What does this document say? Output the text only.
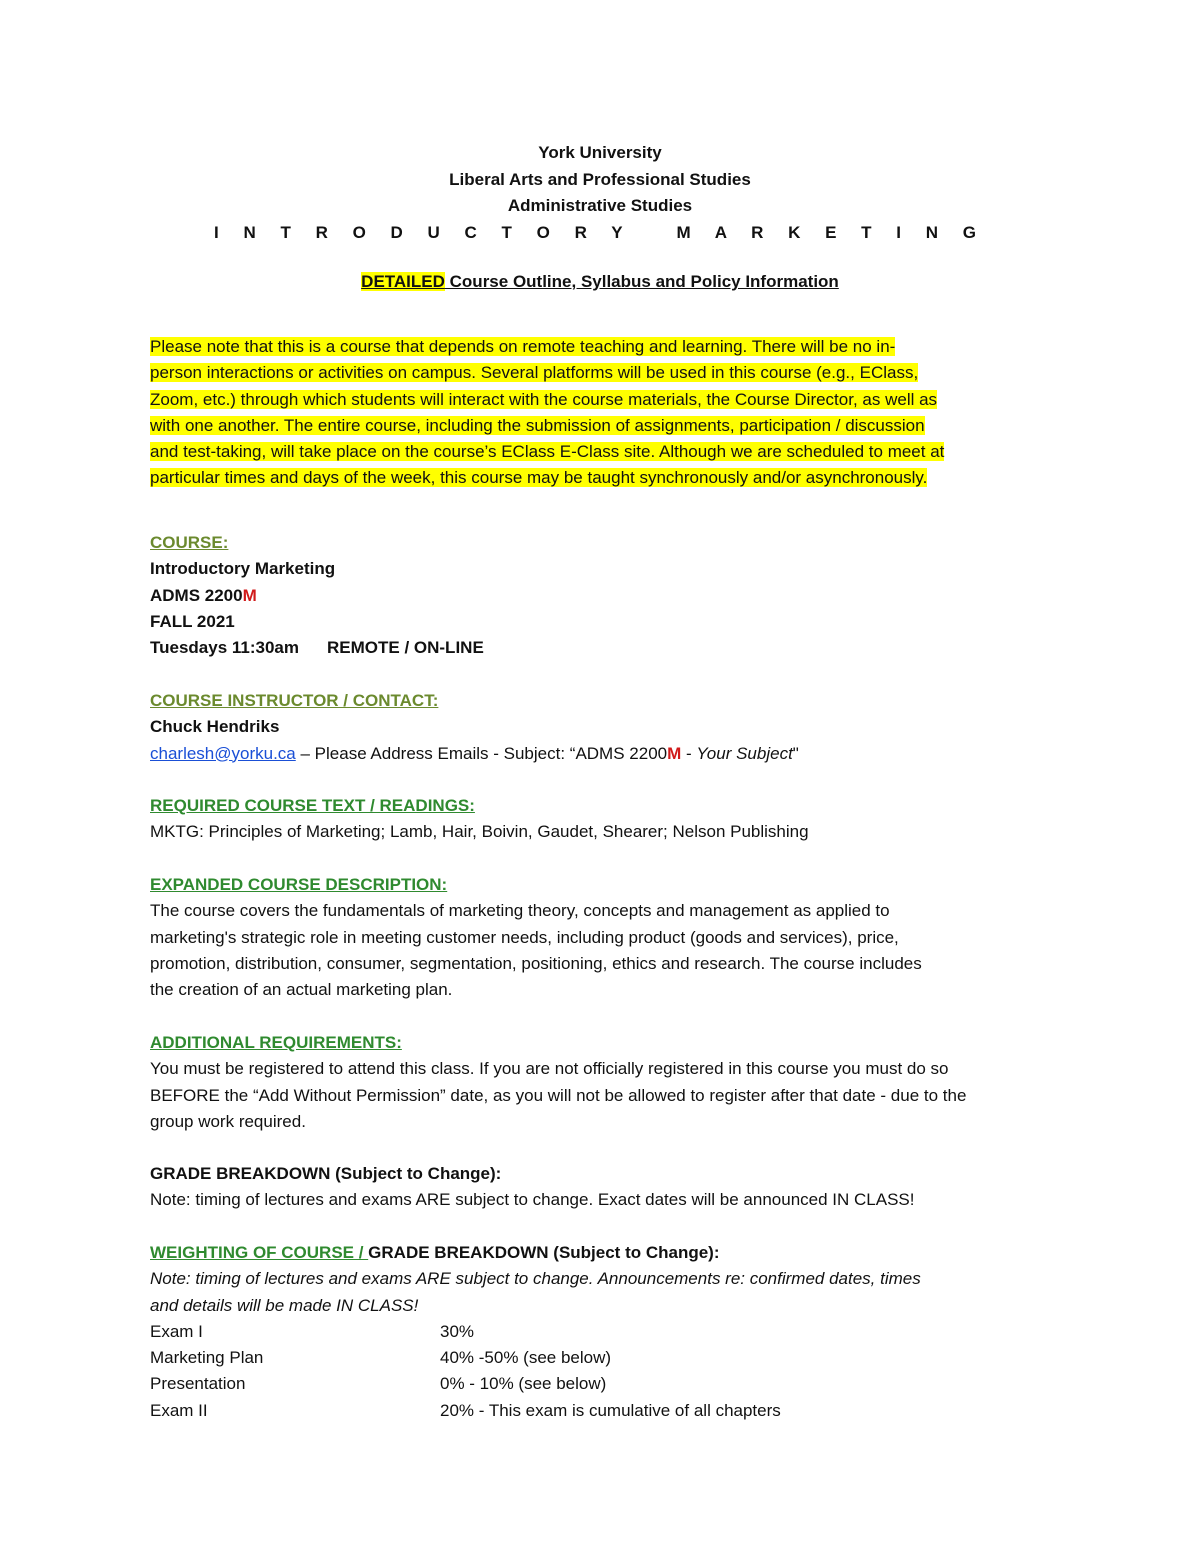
York University
Liberal Arts and Professional Studies
Administrative Studies
I N T R O D U C T O R Y   M A R K E T I N G
DETAILED Course Outline, Syllabus and Policy Information
Please note that this is a course that depends on remote teaching and learning. There will be no in-
person interactions or activities on campus. Several platforms will be used in this course (e.g., EClass,
Zoom, etc.) through which students will interact with the course materials, the Course Director, as well as
with one another. The entire course, including the submission of assignments, participation / discussion
and test-taking, will take place on the course’s EClass E-Class site. Although we are scheduled to meet at
particular times and days of the week, this course may be taught synchronously and/or asynchronously.
COURSE:
Introductory Marketing
ADMS 2200M
FALL 2021
Tuesdays 11:30am REMOTE / ON-LINE
COURSE INSTRUCTOR / CONTACT:
Chuck Hendriks
charlesh@yorku.ca – Please Address Emails - Subject: “ADMS 2200M - Your Subject"
REQUIRED COURSE TEXT / READINGS:
MKTG: Principles of Marketing; Lamb, Hair, Boivin, Gaudet, Shearer; Nelson Publishing
EXPANDED COURSE DESCRIPTION:
The course covers the fundamentals of marketing theory, concepts and management as applied to
marketing's strategic role in meeting customer needs, including product (goods and services), price,
promotion, distribution, consumer, segmentation, positioning, ethics and research. The course includes
the creation of an actual marketing plan.
ADDITIONAL REQUIREMENTS:
You must be registered to attend this class. If you are not officially registered in this course you must do so
BEFORE the “Add Without Permission” date, as you will not be allowed to register after that date - due to the
group work required.
GRADE BREAKDOWN (Subject to Change):
Note: timing of lectures and exams ARE subject to change. Exact dates will be announced IN CLASS!
WEIGHTING OF COURSE / GRADE BREAKDOWN (Subject to Change):
Note: timing of lectures and exams ARE subject to change. Announcements re: confirmed dates, times
and details will be made IN CLASS!
Exam I	30%
Marketing Plan	40% -50% (see below)
Presentation	0% - 10% (see below)
Exam II	20% - This exam is cumulative of all chapters
